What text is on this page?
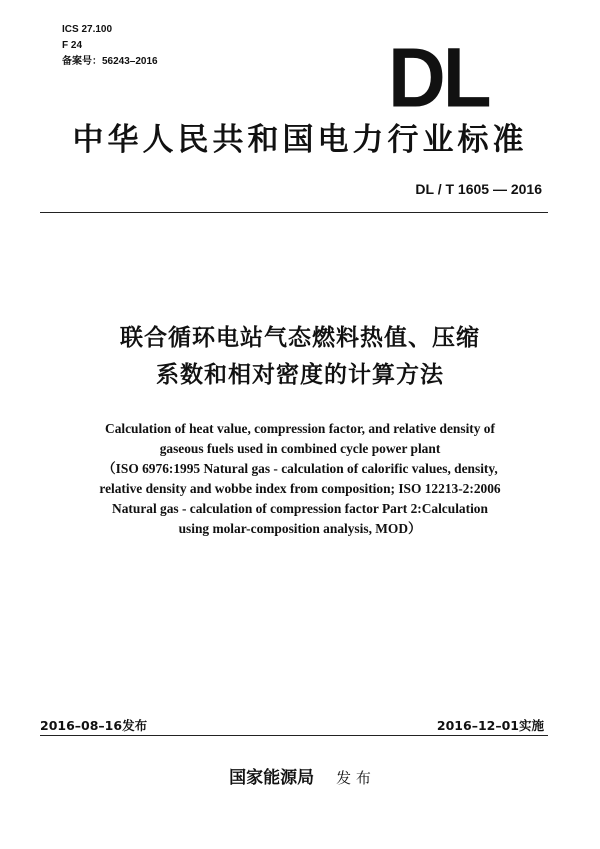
ICS 27.100
F 24
备案号：56243–2016	DL
中华人民共和国电力行业标准
DL / T 1605 — 2016
联合循环电站气态燃料热值、压缩
系数和相对密度的计算方法
Calculation of heat value, compression factor, and relative density of
gaseous fuels used in combined cycle power plant
（ISO 6976:1995 Natural gas - calculation of calorific values, density,
relative density and wobbe index from composition; ISO 12213-2:2006
Natural gas - calculation of compression factor Part 2:Calculation
using molar-composition analysis, MOD）
2016–08–16发布	2016–12–01实施
国家能源局 发 布
